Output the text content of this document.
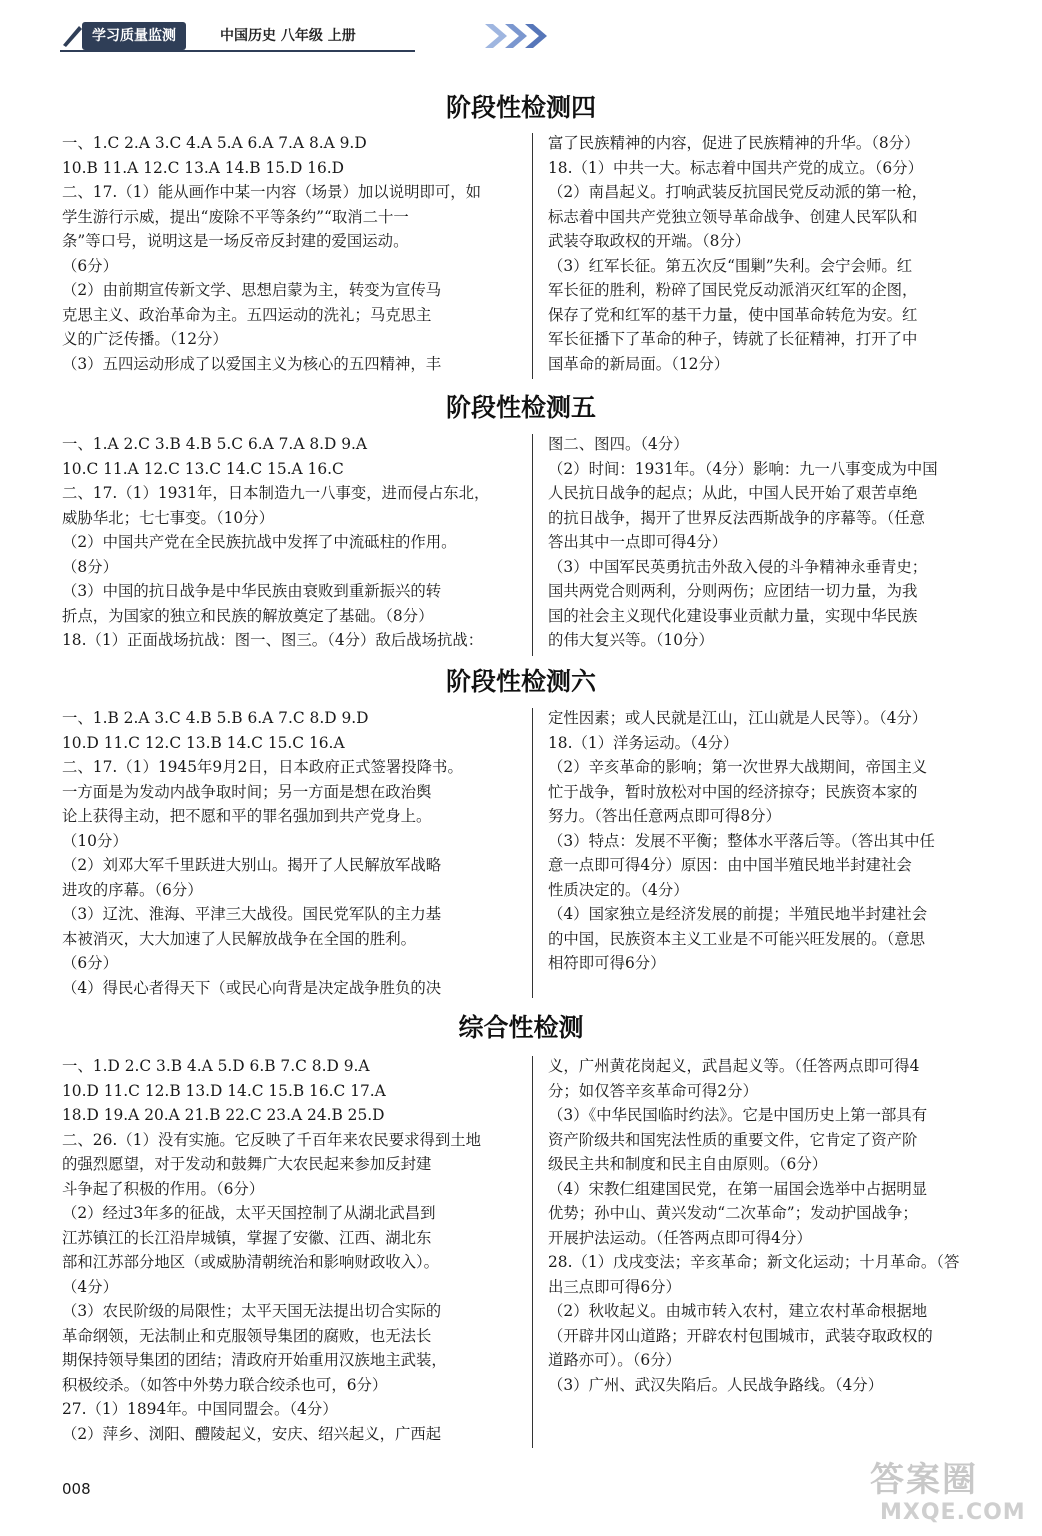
学习质量监测	中国历史 八年级 上册
阶段性检测四
一、1.C 2.A 3.C 4.A 5.A 6.A 7.A 8.A 9.D
10.B 11.A 12.C 13.A 14.B 15.D 16.D
二、17.（1）能从画作中某一内容（场景）加以说明即可，如
学生游行示威，提出“废除不平等条约”“取消二十一
条”等口号，说明这是一场反帝反封建的爱国运动。
（6分）
（2）由前期宣传新文学、思想启蒙为主，转变为宣传马
克思主义、政治革命为主。五四运动的洗礼；马克思主
义的广泛传播。（12分）
（3）五四运动形成了以爱国主义为核心的五四精神，丰
富了民族精神的内容，促进了民族精神的升华。（8分）
18.（1）中共一大。标志着中国共产党的成立。（6分）
（2）南昌起义。打响武装反抗国民党反动派的第一枪，
标志着中国共产党独立领导革命战争、创建人民军队和
武装夺取政权的开端。（8分）
（3）红军长征。第五次反“围剿”失利。会宁会师。红
军长征的胜利，粉碎了国民党反动派消灭红军的企图，
保存了党和红军的基干力量，使中国革命转危为安。红
军长征播下了革命的种子，铸就了长征精神，打开了中
国革命的新局面。（12分）
阶段性检测五
一、1.A 2.C 3.B 4.B 5.C 6.A 7.A 8.D 9.A
10.C 11.A 12.C 13.C 14.C 15.A 16.C
二、17.（1）1931年，日本制造九一八事变，进而侵占东北，
威胁华北；七七事变。（10分）
（2）中国共产党在全民族抗战中发挥了中流砥柱的作用。
（8分）
（3）中国的抗日战争是中华民族由衰败到重新振兴的转
折点，为国家的独立和民族的解放奠定了基础。（8分）
18.（1）正面战场抗战：图一、图三。（4分）敌后战场抗战：
图二、图四。（4分）
（2）时间：1931年。（4分）影响：九一八事变成为中国
人民抗日战争的起点；从此，中国人民开始了艰苦卓绝
的抗日战争，揭开了世界反法西斯战争的序幕等。（任意
答出其中一点即可得4分）
（3）中国军民英勇抗击外敌入侵的斗争精神永垂青史；
国共两党合则两利，分则两伤；应团结一切力量，为我
国的社会主义现代化建设事业贡献力量，实现中华民族
的伟大复兴等。（10分）
阶段性检测六
一、1.B 2.A 3.C 4.B 5.B 6.A 7.C 8.D 9.D
10.D 11.C 12.C 13.B 14.C 15.C 16.A
二、17.（1）1945年9月2日，日本政府正式签署投降书。
一方面是为发动内战争取时间；另一方面是想在政治舆
论上获得主动，把不愿和平的罪名强加到共产党身上。
（10分）
（2）刘邓大军千里跃进大别山。揭开了人民解放军战略
进攻的序幕。（6分）
（3）辽沈、淮海、平津三大战役。国民党军队的主力基
本被消灭，大大加速了人民解放战争在全国的胜利。
（6分）
（4）得民心者得天下（或民心向背是决定战争胜负的决
定性因素；或人民就是江山，江山就是人民等）。（4分）
18.（1）洋务运动。（4分）
（2）辛亥革命的影响；第一次世界大战期间，帝国主义
忙于战争，暂时放松对中国的经济掠夺；民族资本家的
努力。（答出任意两点即可得8分）
（3）特点：发展不平衡；整体水平落后等。（答出其中任
意一点即可得4分）原因：由中国半殖民地半封建社会
性质决定的。（4分）
（4）国家独立是经济发展的前提；半殖民地半封建社会
的中国，民族资本主义工业是不可能兴旺发展的。（意思
相符即可得6分）
综合性检测
一、1.D 2.C 3.B 4.A 5.D 6.B 7.C 8.D 9.A
10.D 11.C 12.B 13.D 14.C 15.B 16.C 17.A
18.D 19.A 20.A 21.B 22.C 23.A 24.B 25.D
二、26.（1）没有实施。它反映了千百年来农民要求得到土地
的强烈愿望，对于发动和鼓舞广大农民起来参加反封建
斗争起了积极的作用。（6分）
（2）经过3年多的征战，太平天国控制了从湖北武昌到
江苏镇江的长江沿岸城镇，掌握了安徽、江西、湖北东
部和江苏部分地区（或威胁清朝统治和影响财政收入）。
（4分）
（3）农民阶级的局限性；太平天国无法提出切合实际的
革命纲领，无法制止和克服领导集团的腐败，也无法长
期保持领导集团的团结；清政府开始重用汉族地主武装，
积极绞杀。（如答中外势力联合绞杀也可，6分）
27.（1）1894年。中国同盟会。（4分）
（2）萍乡、浏阳、醴陵起义，安庆、绍兴起义，广西起
义，广州黄花岗起义，武昌起义等。（任答两点即可得4
分；如仅答辛亥革命可得2分）
（3）《中华民国临时约法》。它是中国历史上第一部具有
资产阶级共和国宪法性质的重要文件，它肯定了资产阶
级民主共和制度和民主自由原则。（6分）
（4）宋教仁组建国民党，在第一届国会选举中占据明显
优势；孙中山、黄兴发动“二次革命”；发动护国战争；
开展护法运动。（任答两点即可得4分）
28.（1）戊戌变法；辛亥革命；新文化运动；十月革命。（答
出三点即可得6分）
（2）秋收起义。由城市转入农村，建立农村革命根据地
（开辟井冈山道路；开辟农村包围城市，武装夺取政权的
道路亦可）。（6分）
（3）广州、武汉失陷后。人民战争路线。（4分）
008	答案圈
MXQE.COM
